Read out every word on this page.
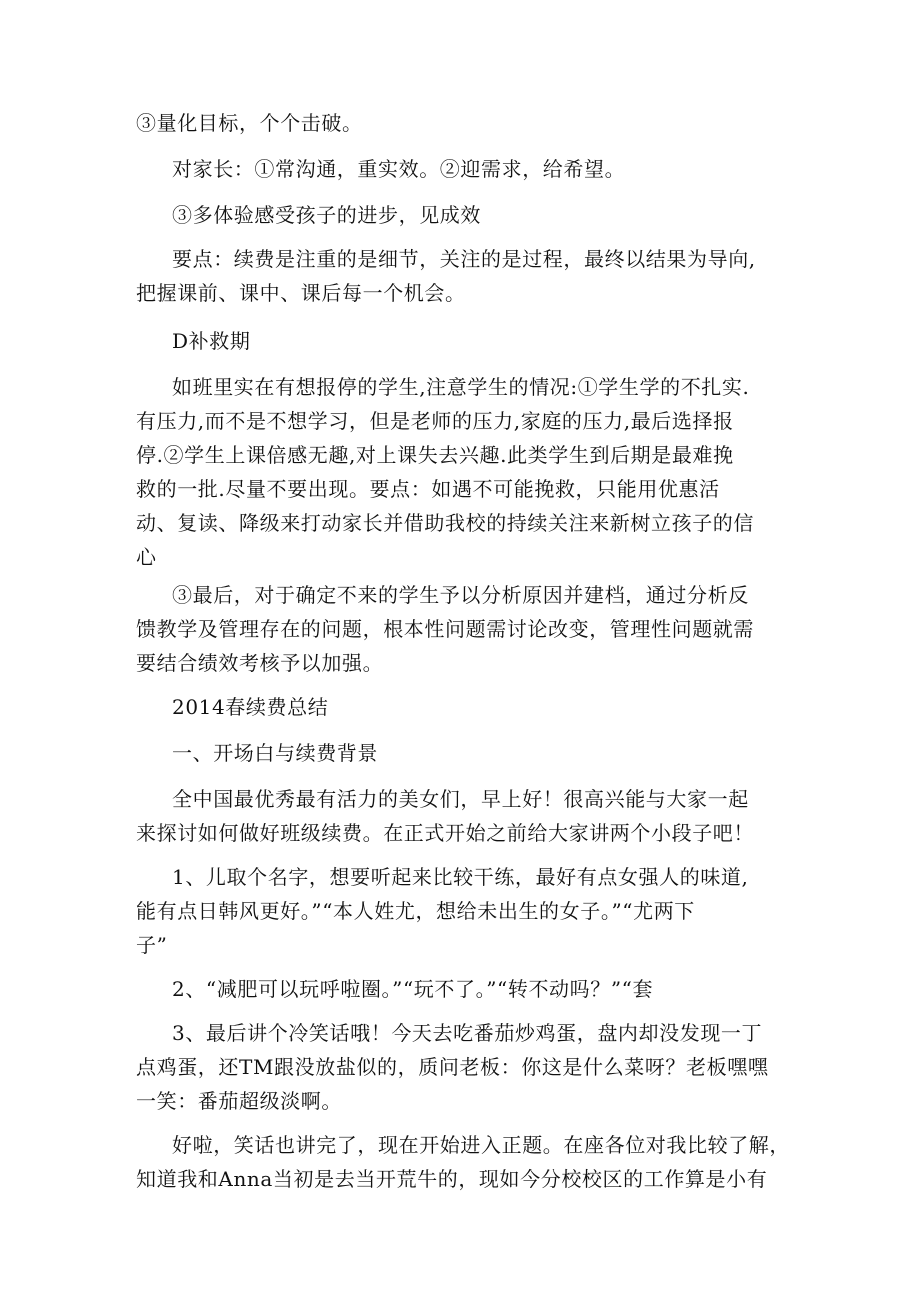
③量化目标，个个击破。

对家长：①常沟通，重实效。②迎需求，给希望。

③多体验感受孩子的进步，见成效

要点：续费是注重的是细节，关注的是过程，最终以结果为导向,
把握课前、课中、课后每一个机会。

D补救期

如班里实在有想报停的学生,注意学生的情况:①学生学的不扎实.
有压力,而不是不想学习，但是老师的压力,家庭的压力,最后选择报
停.②学生上课倍感无趣,对上课失去兴趣.此类学生到后期是最难挽
救的一批.尽量不要出现。要点：如遇不可能挽救，只能用优惠活
动、复读、降级来打动家长并借助我校的持续关注来新树立孩子的信
心

③最后，对于确定不来的学生予以分析原因并建档，通过分析反
馈教学及管理存在的问题，根本性问题需讨论改变，管理性问题就需
要结合绩效考核予以加强。

2014春续费总结

一、开场白与续费背景

全中国最优秀最有活力的美女们，早上好！很高兴能与大家一起
来探讨如何做好班级续费。在正式开始之前给大家讲两个小段子吧！

1、儿取个名字，想要听起来比较干练，最好有点女强人的味道,
能有点日韩风更好。”“本人姓尤，想给未出生的女子。”“尤两下
子”

2、“减肥可以玩呼啦圈。”“玩不了。”“转不动吗？”“套

3、最后讲个冷笑话哦！今天去吃番茄炒鸡蛋，盘内却没发现一丁
点鸡蛋，还TM跟没放盐似的，质问老板：你这是什么菜呀？老板嘿嘿
一笑：番茄超级淡啊。

好啦，笑话也讲完了，现在开始进入正题。在座各位对我比较了解，
知道我和Anna当初是去当开荒牛的，现如今分校校区的工作算是小有
